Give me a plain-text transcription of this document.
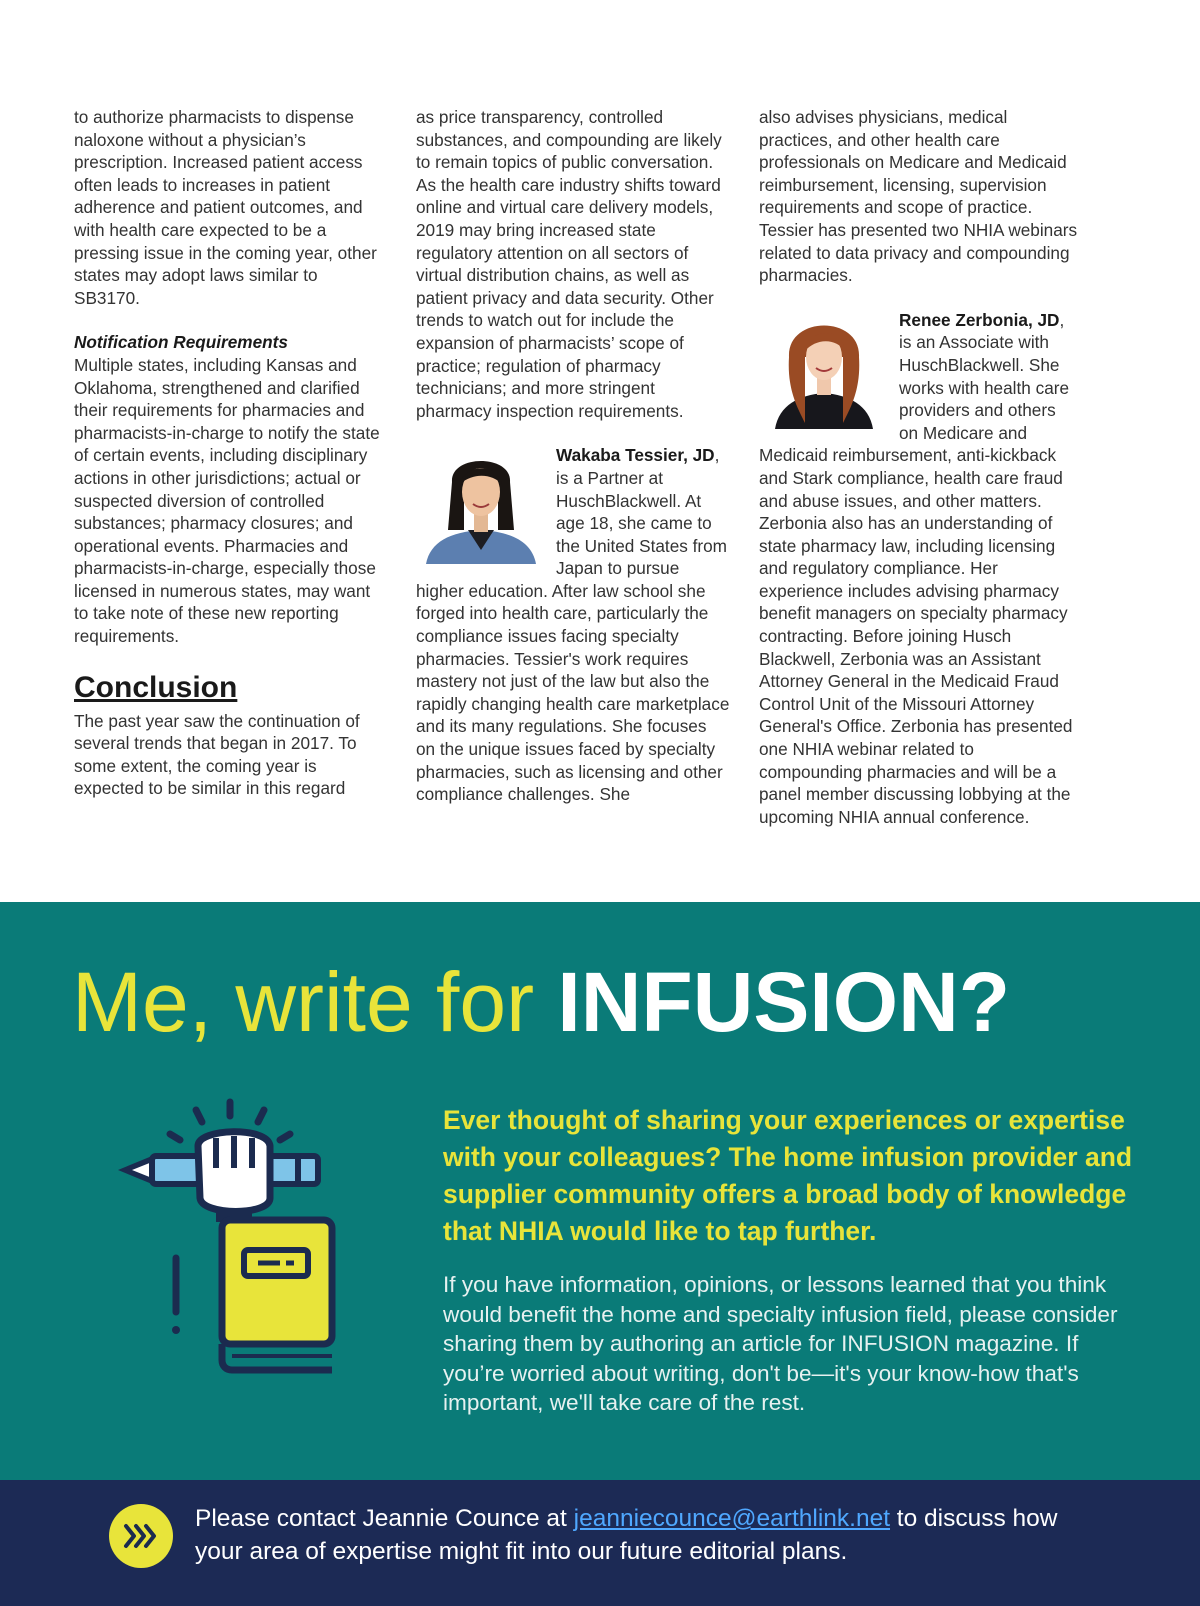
to authorize pharmacists to dispense naloxone without a physician’s prescription. Increased patient access often leads to increases in patient adherence and patient outcomes, and with health care expected to be a pressing issue in the coming year, other states may adopt laws similar to SB3170.

Notification Requirements

Multiple states, including Kansas and Oklahoma, strengthened and clarified their requirements for pharmacies and pharmacists-in-charge to notify the state of certain events, including disciplinary actions in other jurisdictions; actual or suspected diversion of controlled substances; pharmacy closures; and operational events. Pharmacies and pharmacists-in-charge, especially those licensed in numerous states, may want to take note of these new reporting requirements.

Conclusion

The past year saw the continuation of several trends that began in 2017. To some extent, the coming year is expected to be similar in this regard

as price transparency, controlled substances, and compounding are likely to remain topics of public conversation. As the health care industry shifts toward online and virtual care delivery models, 2019 may bring increased state regulatory attention on all sectors of virtual distribution chains, as well as patient privacy and data security. Other trends to watch out for include the expansion of pharmacists’ scope of practice; regulation of pharmacy technicians; and more stringent pharmacy inspection requirements.

Wakaba Tessier, JD, is a Partner at HuschBlackwell. At age 18, she came to the United States from Japan to pursue higher education. After law school she forged into health care, particularly the compliance issues facing specialty pharmacies. Tessier's work requires mastery not just of the law but also the rapidly changing health care marketplace and its many regulations. She focuses on the unique issues faced by specialty pharmacies, such as licensing and other compliance challenges. She

also advises physicians, medical practices, and other health care professionals on Medicare and Medicaid reimbursement, licensing, supervision requirements and scope of practice. Tessier has presented two NHIA webinars related to data privacy and compounding pharmacies.

Renee Zerbonia, JD, is an Associate with HuschBlackwell. She works with health care providers and others on Medicare and Medicaid reimbursement, anti-kickback and Stark compliance, health care fraud and abuse issues, and other matters. Zerbonia also has an understanding of state pharmacy law, including licensing and regulatory compliance. Her experience includes advising pharmacy benefit managers on specialty pharmacy contracting. Before joining Husch Blackwell, Zerbonia was an Assistant Attorney General in the Medicaid Fraud Control Unit of the Missouri Attorney General's Office. Zerbonia has presented one NHIA webinar related to compounding pharmacies and will be a panel member discussing lobbying at the upcoming NHIA annual conference.

Me, write for INFUSION?

Ever thought of sharing your experiences or expertise with your colleagues? The home infusion provider and supplier community offers a broad body of knowledge that NHIA would like to tap further.

If you have information, opinions, or lessons learned that you think would benefit the home and specialty infusion field, please consider sharing them by authoring an article for INFUSION magazine. If you’re worried about writing, don't be—it's your know-how that's important, we'll take care of the rest.

Please contact Jeannie Counce at jeanniecounce@earthlink.net to discuss how your area of expertise might fit into our future editorial plans.
